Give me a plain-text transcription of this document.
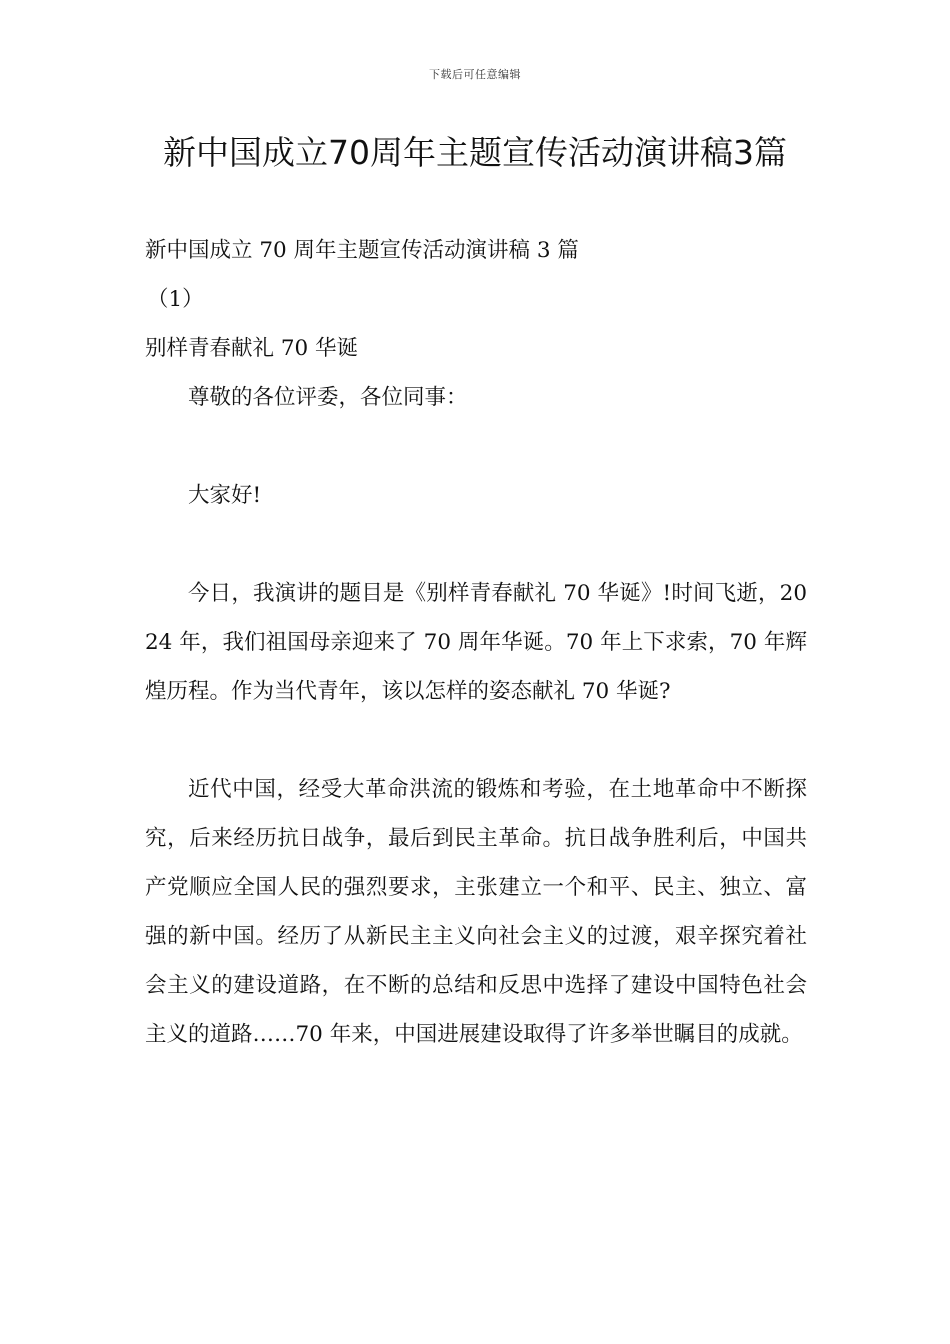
下载后可任意编辑
新中国成立70周年主题宣传活动演讲稿3篇

新中国成立 70 周年主题宣传活动演讲稿 3 篇

（1）

别样青春献礼 70 华诞

尊敬的各位评委，各位同事：

大家好!

今日，我演讲的题目是《别样青春献礼 70 华诞》!时间飞逝，2024 年，我们祖国母亲迎来了 70 周年华诞。70 年上下求索，70 年辉煌历程。作为当代青年，该以怎样的姿态献礼 70 华诞?

近代中国，经受大革命洪流的锻炼和考验，在土地革命中不断探究，后来经历抗日战争，最后到民主革命。抗日战争胜利后，中国共产党顺应全国人民的强烈要求，主张建立一个和平、民主、独立、富强的新中国。经历了从新民主主义向社会主义的过渡，艰辛探究着社会主义的建设道路，在不断的总结和反思中选择了建设中国特色社会主义的道路……70 年来，中国进展建设取得了许多举世瞩目的成就。
